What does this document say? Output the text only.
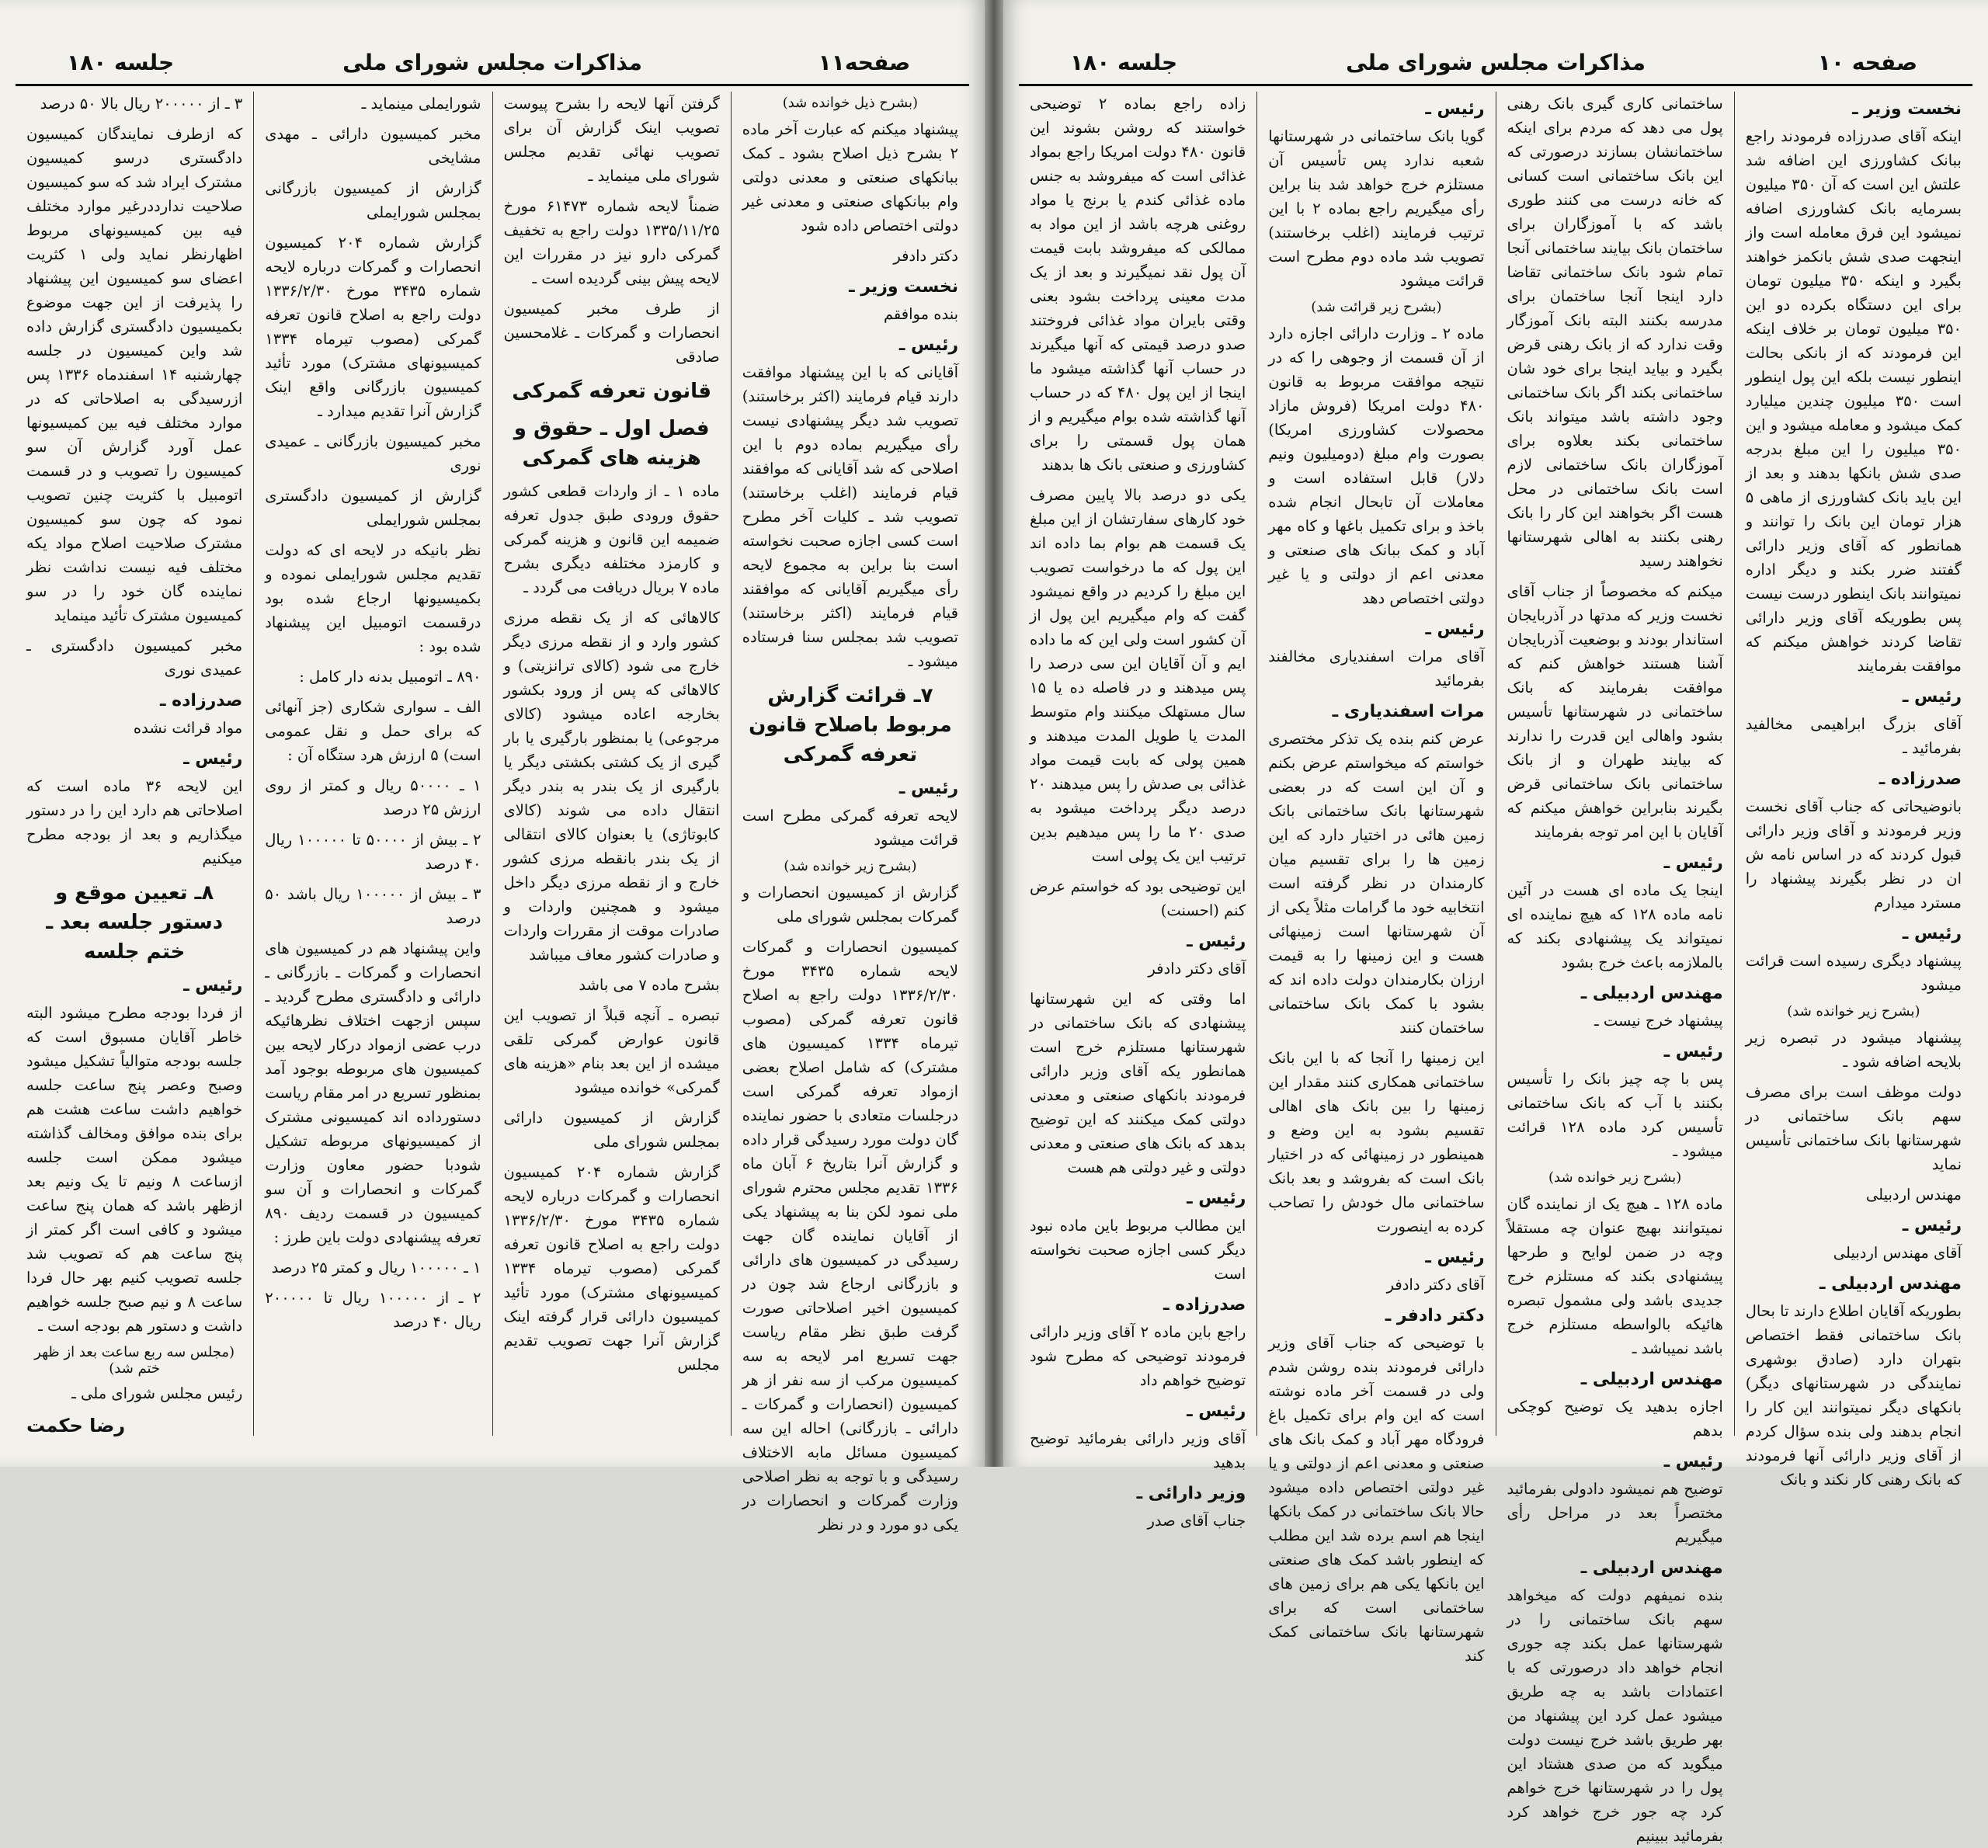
صفحه۱۱
مذاکرات مجلس شورای ملی
جلسه ۱۸۰
(بشرح ذیل خوانده شد)
پیشنهاد میکنم که عبارت آخر ماده ۲ بشرح ذیل اصلاح بشود ـ کمک ببانکهای صنعتی و معدنی دولتی وام ببانکهای صنعتی و معدنی غیر دولتی اختصاص داده شود
دکتر دادفر
نخست وزیر ـ
بنده موافقم
رئیس ـ
آقایانی که با این پیشنهاد موافقت دارند قیام فرمایند (اکثر برخاستند) تصویب شد دیگر پیشنهادی نیست رأی میگیریم بماده دوم با این اصلاحی که شد آقایانی که موافقند قیام فرمایند (اغلب برخاستند) تصویب شد ـ کلیات آخر مطرح است کسی اجازه صحبت نخواسته است بنا براین به مجموع لایحه رأی میگیریم آقایانی که موافقند قیام فرمایند (اکثر برخاستند) تصویب شد بمجلس سنا فرستاده میشود ـ
۷ـ قرائت گزارش مربوط باصلاح قانون تعرفه گمرکی
رئیس ـ
لایحه تعرفه گمرکی مطرح است قرائت میشود
(بشرح زیر خوانده شد)
گزارش از کمیسیون انحصارات و گمرکات بمجلس شورای ملی
کمیسیون انحصارات و گمرکات لایحه شماره ۳۴۳۵ مورخ ۱۳۳۶/۲/۳۰ دولت راجع به اصلاح قانون تعرفه گمرکی (مصوب تیرماه ۱۳۳۴ کمیسیون های مشترک) که شامل اصلاح بعضی ازمواد تعرفه گمرکی است درجلسات متعادی با حضور نماینده گان دولت مورد رسیدگی قرار داده و گزارش آنرا بتاریخ ۶ آبان ماه ۱۳۳۶ تقدیم مجلس محترم شورای ملی نمود لکن بنا به پیشنهاد یکی از آقایان نماینده گان جهت رسیدگی در کمیسیون های دارائی و بازرگانی ارجاع شد چون در کمیسیون اخیر اصلاحاتی صورت گرفت طبق نظر مقام ریاست جهت تسریع امر لایحه به سه کمیسیون مرکب از سه نفر از هر کمیسیون (انحصارات و گمرکات ـ دارائی ـ بازرگانی) احاله این سه کمیسیون مسائل مابه الاختلاف رسیدگی و با توجه به نظر اصلاحی وزارت گمرکات و انحصارات در یکی دو مورد و در نظر
گرفتن آنها لایحه را بشرح پیوست تصویب اینک گزارش آن برای تصویب نهائی تقدیم مجلس شورای ملی مینماید ـ
ضمناً لایحه شماره ۶۱۴۷۳ مورخ ۱۳۳۵/۱۱/۲۵ دولت راجع به تخفیف گمرکی دارو نیز در مقررات این لایحه پیش بینی گردیده است ـ
از طرف مخبر کمیسیون انحصارات و گمرکات ـ غلامحسین صادقی
قانون تعرفه گمرکی
فصل اول ـ حقوق و هزینه های گمرکی
ماده ۱ ـ از واردات قطعی کشور حقوق ورودی طبق جدول تعرفه ضمیمه این قانون و هزینه گمرکی و کارمزد مختلفه دیگری بشرح ماده ۷ بریال دریافت می گردد ـ
کالاهائی که از یک نقطه مرزی کشور وارد و از نقطه مرزی دیگر خارج می شود (کالای ترانزیتی) و کالاهائی که پس از ورود بکشور بخارجه اعاده میشود (کالای مرجوعی) یا بمنظور بارگیری یا بار گیری از یک کشتی بکشتی دیگر یا بارگیری از یک بندر به بندر دیگر انتقال داده می شوند (کالای کابوتاژی) یا بعنوان کالای انتقالی از یک بندر بانقطه مرزی کشور خارج و از نقطه مرزی دیگر داخل میشود و همچنین واردات و صادرات موقت از مقررات واردات و صادرات کشور معاف میباشد
بشرح ماده ۷ می باشد
تبصره ـ آنچه قبلاً از تصویب این قانون عوارض گمرکی تلقی میشده از این بعد بنام «هزینه های گمرکی» خوانده میشود
گزارش از کمیسیون دارائی بمجلس شورای ملی
گزارش شماره ۲۰۴ کمیسیون انحصارات و گمرکات درباره لایحه شماره ۳۴۳۵ مورخ ۱۳۳۶/۲/۳۰ دولت راجع به اصلاح قانون تعرفه گمرکی (مصوب تیرماه ۱۳۳۴ کمیسیونهای مشترک) مورد تأئید کمیسیون دارائی قرار گرفته اینک گزارش آنرا جهت تصویب تقدیم مجلس
شورایملی مینماید ـ
مخبر کمیسیون دارائی ـ مهدی مشایخی
گزارش از کمیسیون بازرگانی بمجلس شورایملی
گزارش شماره ۲۰۴ کمیسیون انحصارات و گمرکات درباره لایحه شماره ۳۴۳۵ مورخ ۱۳۳۶/۲/۳۰ دولت راجع به اصلاح قانون تعرفه گمرکی (مصوب تیرماه ۱۳۳۴ کمیسیونهای مشترک) مورد تأئید کمیسیون بازرگانی واقع اینک گزارش آنرا تقدیم میدارد ـ
مخبر کمیسیون بازرگانی ـ عمیدی نوری
گزارش از کمیسیون دادگستری بمجلس شورایملی
نظر بانیکه در لایحه ای که دولت تقدیم مجلس شورایملی نموده و بکمیسیونها ارجاع شده بود درقسمت اتومبیل این پیشنهاد شده بود :
۸۹۰ ـ اتومبیل بدنه دار کامل :
الف ـ سواری شکاری (جز آنهائی که برای حمل و نقل عمومی است) ۵ ارزش هرد ستگاه آن :
۱ ـ ۵۰۰۰۰ ریال و کمتر از روی ارزش ۲۵ درصد
۲ ـ بیش از ۵۰۰۰۰ تا ۱۰۰۰۰۰ ریال ۴۰ درصد
۳ ـ بیش از ۱۰۰۰۰۰ ریال باشد ۵۰ درصد
واین پیشنهاد هم در کمیسیون های انحصارات و گمرکات ـ بازرگانی ـ دارائی و دادگستری مطرح گردید ـ سپس ازجهت اختلاف نظرهائیکه درب عضی ازمواد درکار لایحه بین کمیسیون های مربوطه بوجود آمد بمنظور تسریع در امر مقام ریاست دستورداده اند کمیسیونی مشترک از کمیسیونهای مربوطه تشکیل شودبا حضور معاون وزارت گمرکات و انحصارات و آن سو کمیسیون در قسمت ردیف ۸۹۰ تعرفه پیشنهادی دولت باین طرز :
۱ ـ ۱۰۰۰۰۰ ریال و کمتر ۲۵ درصد
۲ ـ از ۱۰۰۰۰۰ ریال تا ۲۰۰۰۰۰ ریال ۴۰ درصد
۳ ـ از ۲۰۰۰۰۰ ریال بالا ۵۰ درصد
که ازطرف نمایندگان کمیسیون دادگستری درسو کمیسیون مشترک ایراد شد که سو کمیسیون صلاحیت ندارددرغیر موارد مختلف فیه بین کمیسیونهای مربوط اظهارنظر نماید ولی ۱ کثریت اعضای سو کمیسیون این پیشنهاد را پذیرفت از این جهت موضوع بکمیسیون دادگستری گزارش داده شد واین کمیسیون در جلسه چهارشنبه ۱۴ اسفندماه ۱۳۳۶ پس ازرسیدگی به اصلاحاتی که در موارد مختلف فیه بین کمیسیونها عمل آورد گزارش آن سو کمیسیون را تصویب و در قسمت اتومبیل با کثریت چنین تصویب نمود که چون سو کمیسیون مشترک صلاحیت اصلاح مواد یکه مختلف فیه نیست نداشت نظر نماینده گان خود را در سو کمیسیون مشترک تأئید مینماید
مخبر کمیسیون دادگستری ـ عمیدی نوری
صدرزاده ـ
مواد قرائت نشده
رئیس ـ
این لایحه ۳۶ ماده است که اصلاحاتی هم دارد این را در دستور میگذاریم و بعد از بودجه مطرح میکنیم
۸ـ تعیین موقع و دستور جلسه بعد ـ ختم جلسه
رئیس ـ
از فردا بودجه مطرح میشود البته خاطر آقایان مسبوق است که جلسه بودجه متوالیاً تشکیل میشود وصبح وعصر پنج ساعت جلسه خواهیم داشت ساعت هشت هم برای بنده موافق ومخالف گذاشته میشود ممکن است جلسه ازساعت ۸ ونیم تا یک ونیم بعد ازظهر باشد که همان پنج ساعت میشود و کافی است اگر کمتر از پنج ساعت هم که تصویب شد جلسه تصویب کنیم بهر حال فردا ساعت ۸ و نیم صبح جلسه خواهیم داشت و دستور هم بودجه است ـ
(مجلس سه ربع ساعت بعد از ظهر ختم شد)
رئیس مجلس شورای ملی ـ
رضا حکمت
صفحه ۱۰
مذاکرات مجلس شورای ملی
جلسه ۱۸۰
نخست وزیر ـ
اینکه آقای صدرزاده فرمودند راجع ببانک کشاورزی این اضافه شد علتش این است که آن ۳۵۰ میلیون بسرمایه بانک کشاورزی اضافه نمیشود این فرق معامله است واز اینجهت صدی شش بانکمز خواهند بگیرد و اینکه ۳۵۰ میلیون تومان برای این دستگاه بکرده دو این ۳۵۰ میلیون تومان بر خلاف اینکه این فرمودند که از بانکی بحالت اینطور نیست بلکه این پول اینطور است ۳۵۰ میلیون چندین میلیارد کمک میشود و معامله میشود و این ۳۵۰ میلیون را این مبلغ بدرجه صدی شش بانکها بدهند و بعد از این باید بانک کشاورزی از ماهی ۵ هزار تومان این بانک را توانند و همانطور که آقای وزیر دارائی گفتند ضرر بکند و دیگر اداره نمیتوانند بانک اینطور درست نیست پس بطوریکه آقای وزیر دارائی تقاضا کردند خواهش میکنم که موافقت بفرمایند
رئیس ـ
آقای بزرگ ابراهیمی مخالفید بفرمائید ـ
صدرزاده ـ
بانوضیحاتی که جناب آقای نخست وزیر فرمودند و آقای وزیر دارائی قبول کردند که در اساس نامه ش ان در نظر بگیرند پیشنهاد را مسترد میدارم
رئیس ـ
پیشنهاد دیگری رسیده است قرائت میشود
(بشرح زیر خوانده شد)
پیشنهاد میشود در تبصره زیر بلایحه اضافه شود ـ
دولت موظف است برای مصرف سهم بانک ساختمانی در شهرستانها بانک ساختمانی تأسیس نماید
مهندس اردبیلی
رئیس ـ
آقای مهندس اردبیلی
مهندس اردبیلی ـ
بطوریکه آقایان اطلاع دارند تا بحال بانک ساختمانی فقط اختصاص بتهران دارد (صادق بوشهری نمایندگی در شهرستانهای دیگر) بانکهای دیگر نمیتوانند این کار را انجام بدهند ولی بنده سؤال کردم از آقای وزیر دارائی آنها فرمودند که بانک رهنی کار نکند و بانک
ساختمانی کاری گیری بانک رهنی پول می دهد که مردم برای اینکه ساختمانشان بسازند درصورتی که این بانک ساختمانی است کسانی که خانه درست می کنند طوری باشد که با آموزگاران برای ساختمان بانک بیایند ساختمانی آنجا تمام شود بانک ساختمانی تقاضا دارد اینجا آنجا ساختمان برای مدرسه بکنند البته بانک آموزگار وقت ندارد که از بانک رهنی قرض بگیرد و بیاید اینجا برای خود شان ساختمانی بکند اگر بانک ساختمانی وجود داشته باشد میتواند بانک ساختمانی بکند بعلاوه برای آموزگاران بانک ساختمانی لازم است بانک ساختمانی در محل هست اگر بخواهند این کار را بانک رهنی بکنند به اهالی شهرستانها نخواهند رسید
میکنم که مخصوصاً از جناب آقای نخست وزیر که مدتها در آذربایجان استاندار بودند و بوضعیت آذربایجان آشنا هستند خواهش کنم که موافقت بفرمایند که بانک ساختمانی در شهرستانها تأسیس بشود واهالی این قدرت را ندارند که بیایند طهران و از بانک ساختمانی بانک ساختمانی قرض بگیرند بنابراین خواهش میکنم که آقایان با این امر توجه بفرمایند
رئیس ـ
اینجا یک ماده ای هست در آئین نامه ماده ۱۲۸ که هیچ نماینده ای نمیتواند یک پیشنهادی بکند که بالملازمه باعث خرج بشود
مهندس اردبیلی ـ
پیشنهاد خرج نیست ـ
رئیس ـ
پس با چه چیز بانک را تأسیس بکنند با آب که بانک ساختمانی تأسیس کرد ماده ۱۲۸ قرائت میشود ـ
(بشرح زیر خوانده شد)
ماده ۱۲۸ ـ هیچ یک از نماینده گان نمیتوانند بهیچ عنوان چه مستقلاً وچه در ضمن لوایح و طرحها پیشنهادی بکند که مستلزم خرج جدیدی باشد ولی مشمول تبصره هائیکه بالواسطه مستلزم خرج باشد نمیباشد ـ
مهندس اردبیلی ـ
اجازه بدهید یک توضیح کوچکی بدهم
رئیس ـ
توضیح هم نمیشود دادولی بفرمائید مختصراً بعد در مراحل رأی میگیریم
مهندس اردبیلی ـ
بنده نمیفهم دولت که میخواهد سهم بانک ساختمانی را در شهرستانها عمل بکند چه جوری انجام خواهد داد درصورتی که با اعتمادات باشد به چه طریق میشود عمل کرد این پیشنهاد من بهر طریق باشد خرج نیست دولت میگوید که من صدی هشتاد این پول را در شهرستانها خرج خواهم کرد چه جور خرج خواهد کرد بفرمائید ببینیم
رئیس ـ
گویا بانک ساختمانی در شهرستانها شعبه ندارد پس تأسیس آن مستلزم خرج خواهد شد بنا براین رأی میگیریم راجع بماده ۲ با این ترتیب فرمایند (اغلب برخاستند) تصویب شد ماده دوم مطرح است قرائت میشود
(بشرح زیر قرائت شد)
ماده ۲ ـ وزارت دارائی اجازه دارد از آن قسمت از وجوهی را که در نتیجه موافقت مربوط به قانون ۴۸۰ دولت امریکا (فروش مازاد محصولات کشاورزی امریکا) بصورت وام مبلغ (دومیلیون ونیم دلار) قابل استفاده است و معاملات آن تابحال انجام شده باخذ و برای تکمیل باغها و کاه مهر آباد و کمک ببانک های صنعتی و معدنی اعم از دولتی و یا غیر دولتی اختصاص دهد
رئیس ـ
آقای مرات اسفندیاری مخالفند بفرمائید
مرات اسفندیاری ـ
عرض کنم بنده یک تذکر مختصری خواستم که میخواستم عرض بکنم و آن این است که در بعضی شهرستانها بانک ساختمانی بانک زمین هائی در اختیار دارد که این زمین ها را برای تقسیم میان کارمندان در نظر گرفته است انتخابیه خود ما گرامات مثلاً یکی از آن شهرستانها است زمینهائی هست و این زمینها را به قیمت ارزان بکارمندان دولت داده اند که بشود با کمک بانک ساختمانی ساختمان کنند
این زمینها را آنجا که با این بانک ساختمانی همکاری کنند مقدار این زمینها را بین بانک های اهالی تقسیم بشود به این وضع و همینطور در زمینهائی که در اختیار بانک است که بفروشد و بعد بانک ساختمانی مال خودش را تصاحب کرده به اینصورت
رئیس ـ
آقای دکتر دادفر
دکتر دادفر ـ
با توضیحی که جناب آقای وزیر دارائی فرمودند بنده روشن شدم ولی در قسمت آخر ماده نوشته است که این وام برای تکمیل باغ فرودگاه مهر آباد و کمک بانک های صنعتی و معدنی اعم از دولتی و یا غیر دولتی اختصاص داده میشود حالا بانک ساختمانی در کمک بانکها اینجا هم اسم برده شد این مطلب که اینطور باشد کمک های صنعتی این بانکها یکی هم برای زمین های ساختمانی است که برای شهرستانها بانک ساختمانی کمک کند
زاده راجع بماده ۲ توضیحی خواستند که روشن بشوند این قانون ۴۸۰ دولت امریکا راجع بمواد غذائی است که میفروشد به جنس ماده غذائی کندم یا برنج یا مواد روغنی هرچه باشد از این مواد به ممالکی که میفروشد بابت قیمت آن پول نقد نمیگیرند و بعد از یک مدت معینی پرداخت بشود بعنی وقتی بایران مواد غذائی فروختند صدو درصد قیمتی که آنها میگیرند در حساب آنها گذاشته میشود ما اینجا از این پول ۴۸۰ که در حساب آنها گذاشته شده بوام میگیریم و از همان پول قسمتی را برای کشاورزی و صنعتی بانک ها بدهند
یکی دو درصد بالا پایین مصرف خود کارهای سفارتشان از این مبلغ یک قسمت هم بوام بما داده اند این پول که ما درخواست تصویب این مبلغ را کردیم در واقع نمیشود گفت که وام میگیریم این پول از آن کشور است ولی این که ما داده ایم و آن آقایان این سی درصد را پس میدهند و در فاصله ده یا ۱۵ سال مستهلک میکنند وام متوسط المدت یا طویل المدت میدهند و همین پولی که بابت قیمت مواد غذائی بی صدش را پس میدهند ۲۰ درصد دیگر پرداخت میشود به صدی ۲۰ ما را پس میدهیم بدین ترتیب این یک پولی است
این توضیحی بود که خواستم عرض کنم (احسنت)
رئیس ـ
آقای دکتر دادفر
اما وقتی که این شهرستانها پیشنهادی که بانک ساختمانی در شهرستانها مستلزم خرج است همانطور یکه آقای وزیر دارائی فرمودند بانکهای صنعتی و معدنی دولتی کمک میکنند که این توضیح بدهد که بانک های صنعتی و معدنی دولتی و غیر دولتی هم هست
رئیس ـ
این مطالب مربوط باین ماده نبود دیگر کسی اجازه صحبت نخواسته است
صدرزاده ـ
راجع باین ماده ۲ آقای وزیر دارائی فرمودند توضیحی که مطرح شود توضیح خواهم داد
رئیس ـ
آقای وزیر دارائی بفرمائید توضیح بدهید
وزیر دارائی ـ
جناب آقای صدر
